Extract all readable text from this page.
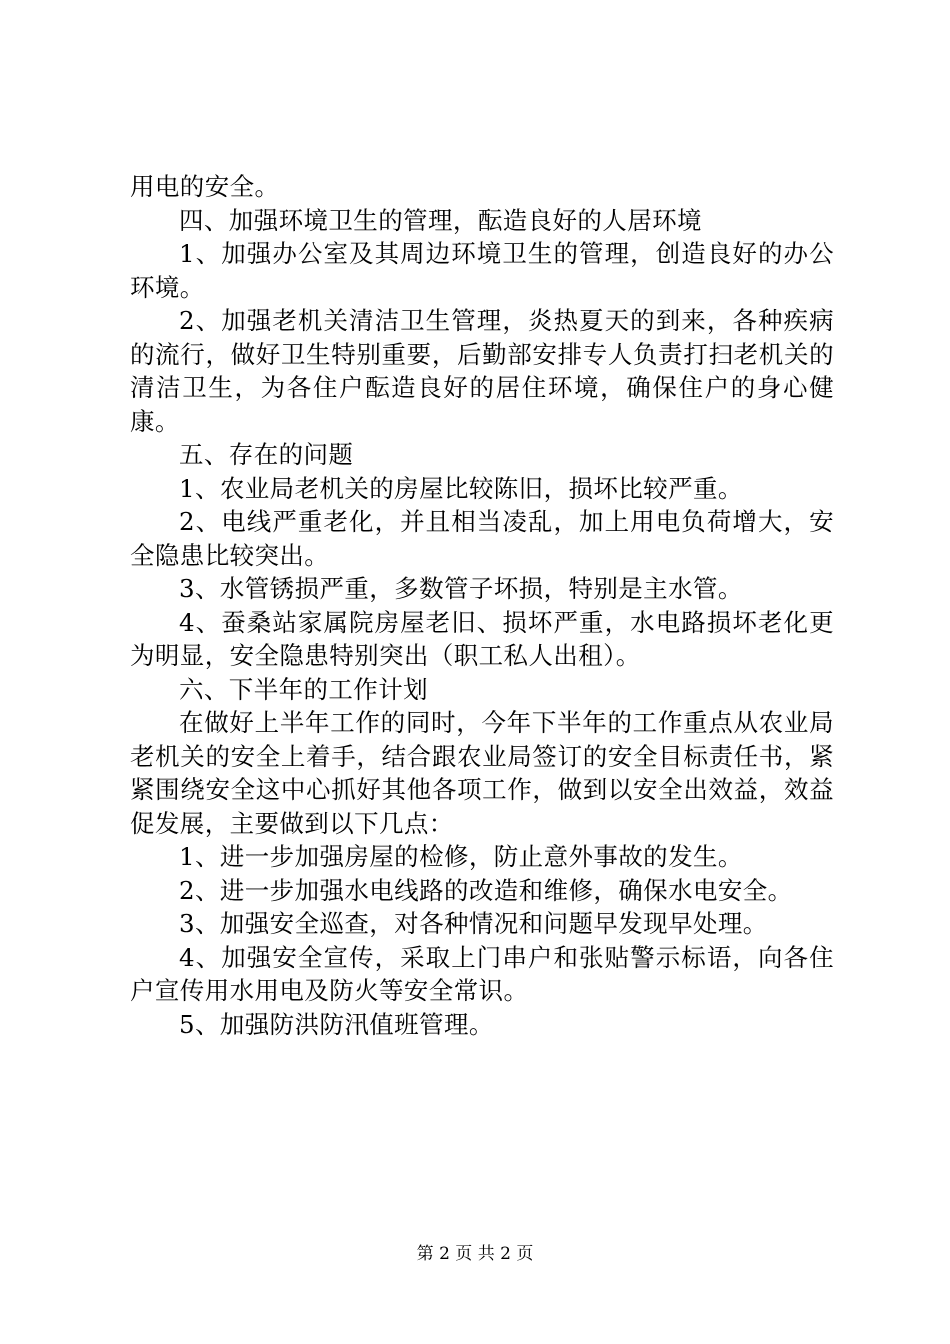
用电的安全。

四、加强环境卫生的管理，酝造良好的人居环境

1、加强办公室及其周边环境卫生的管理，创造良好的办公环境。

2、加强老机关清洁卫生管理，炎热夏天的到来，各种疾病的流行，做好卫生特别重要，后勤部安排专人负责打扫老机关的清洁卫生，为各住户酝造良好的居住环境，确保住户的身心健康。

五、存在的问题

1、农业局老机关的房屋比较陈旧，损坏比较严重。

2、电线严重老化，并且相当凌乱，加上用电负荷增大，安全隐患比较突出。

3、水管锈损严重，多数管子坏损，特别是主水管。

4、蚕桑站家属院房屋老旧、损坏严重，水电路损坏老化更为明显，安全隐患特别突出（职工私人出租）。

六、下半年的工作计划

在做好上半年工作的同时，今年下半年的工作重点从农业局老机关的安全上着手，结合跟农业局签订的安全目标责任书，紧紧围绕安全这中心抓好其他各项工作，做到以安全出效益，效益促发展，主要做到以下几点：

1、进一步加强房屋的检修，防止意外事故的发生。

2、进一步加强水电线路的改造和维修，确保水电安全。

3、加强安全巡查，对各种情况和问题早发现早处理。

4、加强安全宣传，采取上门串户和张贴警示标语，向各住户宣传用水用电及防火等安全常识。

5、加强防洪防汛值班管理。

第 2 页 共 2 页
